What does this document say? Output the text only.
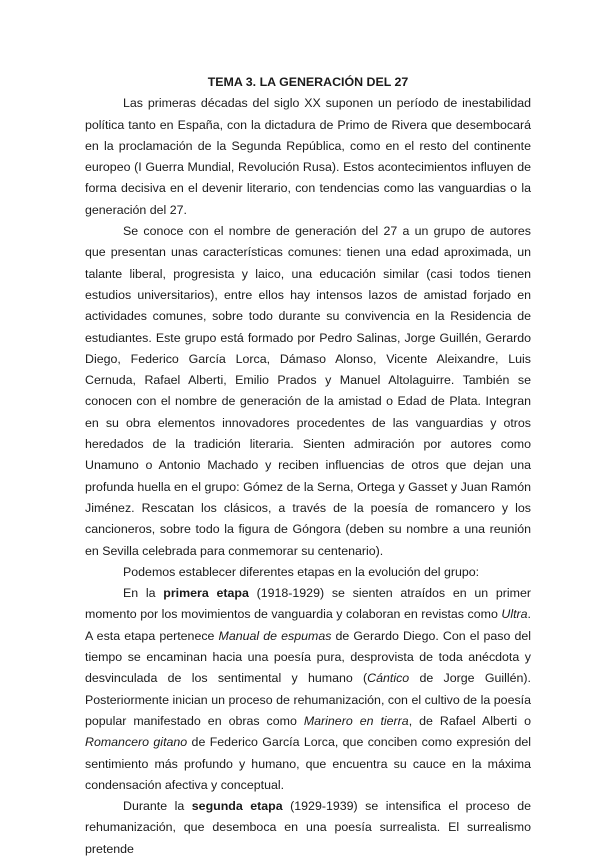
TEMA 3. LA GENERACIÓN DEL 27

Las primeras décadas del siglo XX suponen un período de inestabilidad política tanto en España, con la dictadura de Primo de Rivera que desembocará en la proclamación de la Segunda República, como en el resto del continente europeo (I Guerra Mundial, Revolución Rusa). Estos acontecimientos influyen de forma decisiva en el devenir literario, con tendencias como las vanguardias o la generación del 27.

Se conoce con el nombre de generación del 27 a un grupo de autores que presentan unas características comunes: tienen una edad aproximada, un talante liberal, progresista y laico, una educación similar (casi todos tienen estudios universitarios), entre ellos hay intensos lazos de amistad forjado en actividades comunes, sobre todo durante su convivencia en la Residencia de estudiantes. Este grupo está formado por Pedro Salinas, Jorge Guillén, Gerardo Diego, Federico García Lorca, Dámaso Alonso, Vicente Aleixandre, Luis Cernuda, Rafael Alberti, Emilio Prados y Manuel Altolaguirre. También se conocen con el nombre de generación de la amistad o Edad de Plata. Integran en su obra elementos innovadores procedentes de las vanguardias y otros heredados de la tradición literaria. Sienten admiración por autores como Unamuno o Antonio Machado y reciben influencias de otros que dejan una profunda huella en el grupo: Gómez de la Serna, Ortega y Gasset y Juan Ramón Jiménez. Rescatan los clásicos, a través de la poesía de romancero y los cancioneros, sobre todo la figura de Góngora (deben su nombre a una reunión en Sevilla celebrada para conmemorar su centenario).

Podemos establecer diferentes etapas en la evolución del grupo:

En la primera etapa (1918-1929) se sienten atraídos en un primer momento por los movimientos de vanguardia y colaboran en revistas como Ultra. A esta etapa pertenece Manual de espumas de Gerardo Diego. Con el paso del tiempo se encaminan hacia una poesía pura, desprovista de toda anécdota y desvinculada de los sentimental y humano (Cántico de Jorge Guillén). Posteriormente inician un proceso de rehumanización, con el cultivo de la poesía popular manifestado en obras como Marinero en tierra, de Rafael Alberti o Romancero gitano de Federico García Lorca, que conciben como expresión del sentimiento más profundo y humano, que encuentra su cauce en la máxima condensación afectiva y conceptual.

Durante la segunda etapa (1929-1939) se intensifica el proceso de rehumanización, que desemboca en una poesía surrealista. El surrealismo pretende
